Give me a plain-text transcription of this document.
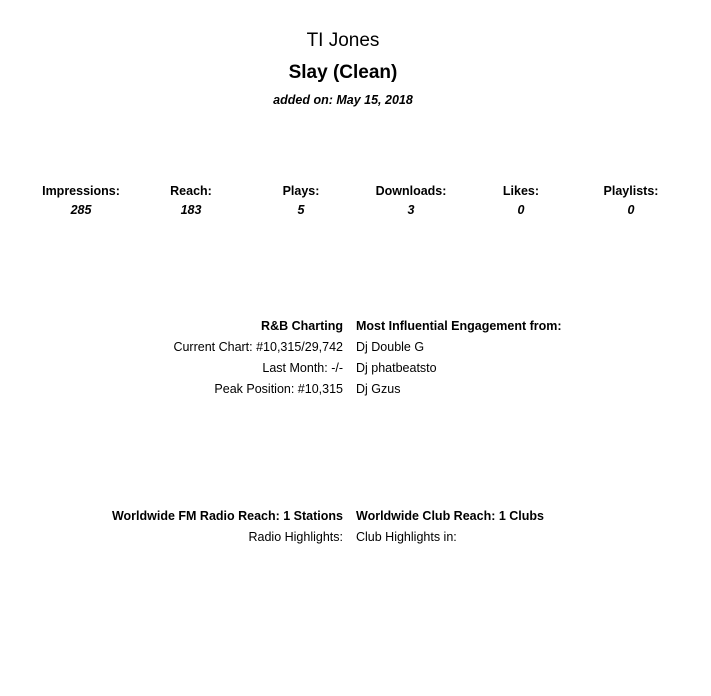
TI Jones
Slay (Clean)
added on: May 15, 2018
Impressions:
285
Reach:
183
Plays:
5
Downloads:
3
Likes:
0
Playlists:
0
R&B Charting
Current Chart: #10,315/29,742
Last Month: -/-
Peak Position: #10,315
Most Influential Engagement from:
Dj Double G
Dj phatbeatsto
Dj Gzus
Worldwide FM Radio Reach: 1 Stations
Radio Highlights:
Worldwide Club Reach: 1 Clubs
Club Highlights in:
